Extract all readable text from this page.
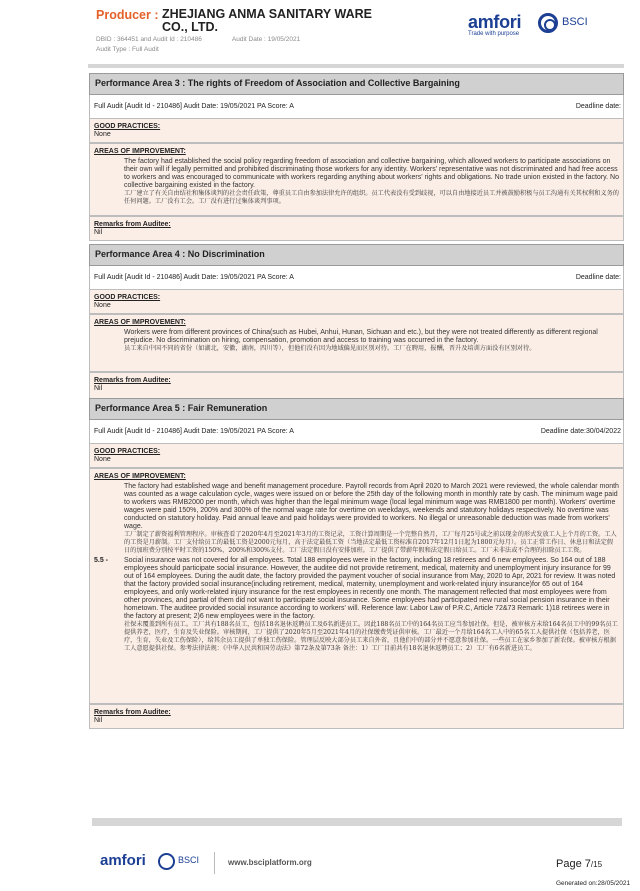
Producer : ZHEJIANG ANMA SANITARY WARE CO., LTD.
DBID : 364451 and Audit Id : 210486	Audit Date : 19/05/2021
Audit Type : Full Audit
amfori	BSCI
Trade with purpose
Performance Area 3 : The rights of Freedom of Association and Collective Bargaining
Full Audit [Audit Id - 210486] Audit Date: 19/05/2021 PA Score: A	Deadline date:
GOOD PRACTICES:
None
AREAS OF IMPROVEMENT:
The factory had established the social policy regarding freedom of association and collective bargaining, which allowed workers to participate associations on their own will if legally permitted and prohibited discriminating those workers for any identity. Workers' representative was not discriminated and had free access to workers and was encouraged to communicate with workers regarding anything about workers' rights and obligations. No trade union existed in the factory. No collective bargaining existed in the factory.
工厂建立了有关自由结社和集体谈判的社会责任政策，尊重员工自由参加法律允许的组织。员工代表没有受到歧视，可以自由地接近员工并被鼓励积极与员工沟通有关其权利和义务的任何问题。工厂没有工会。工厂没有进行过集体谈判事项。
Remarks from Auditee:
Nil
Performance Area 4 : No Discrimination
Full Audit [Audit Id - 210486] Audit Date: 19/05/2021 PA Score: A	Deadline date:
GOOD PRACTICES:
None
AREAS OF IMPROVEMENT:
Workers were from different provinces of China(such as Hubei, Anhui, Hunan, Sichuan and etc.), but they were not treated differently as different regional prejudice. No discrimination on hiring, compensation, promotion and access to training was occurred in the factory.
员工来自中国不同的省份（如湖北，安徽，湖南，四川等），但他们没有因为地域偏见而区别对待。工厂在聘用，报酬，晋升及培训方面没有区别对待。
Remarks from Auditee:
Nil
Performance Area 5 : Fair Remuneration
Full Audit [Audit Id - 210486] Audit Date: 19/05/2021 PA Score: A	Deadline date:30/04/2022
GOOD PRACTICES:
None
AREAS OF IMPROVEMENT:
The factory had established wage and benefit management procedure. Payroll records from April 2020 to March 2021 were reviewed, the whole calendar month was counted as a wage calculation cycle, wages were issued on or before the 25th day of the following month in monthly rate by cash. The minimum wage paid to workers was RMB2000 per month, which was higher than the legal minimum wage (local legal minimum wage was RMB1800 per month). Workers' overtime wages were paid 150%, 200% and 300% of the normal wage rate for overtime on weekdays, weekends and statutory holidays respectively. No overtime was conducted on statutory holiday. Paid annual leave and paid holidays were provided to workers. No illegal or unreasonable deduction was made from workers' wage.
工厂制定了薪资福利管理程序。审核查看了2020年4月至2021年3月的工资记录，工资计算周期是一个完整自然月，工厂每月25号或之前以现金的形式发放工人上个月的工资。工人的工资是月薪制。工厂支付给员工的最低工资是2000元每月，高于法定最低工资（当地法定最低工资标准自2017年12月1日起为1800元每月）。员工正常工作日、休息日和法定假日的加班费分别按平时工资的150%，200%和300%支付。工厂法定假日没有安排加班。工厂提供了带薪年假和法定假日给员工。工厂未非法或不合理的扣除员工工资。
5.5 - Social insurance was not covered for all employees. Total 188 employees were in the factory, including 18 retirees and 6 new employees. So 164 out of 188 employees should participate social insurance. However, the auditee did not provide retirement, medical, maternity and unemployment injury insurance for 99 out of 164 employees. During the audit date, the factory provided the payment voucher of social insurance from May, 2020 to Apr, 2021 for review. It was noted that the factory provided social insurance(including retirement, medical, maternity, unemployment and work-related injury insurance)for 65 out of 164 employees, and only work-related injury insurance for the rest employees in recently one month. The management reflected that most employees were from other provinces, and partial of them did not want to participate social insurance. Some employees had participated new rural social pension insurance in their hometown. The auditee provided social insurance according to workers' will. Reference law: Labor Law of P.R.C, Article 72&73 Remark: 1)18 retirees were in the factory at present; 2)6 new employees were in the factory.
社保未覆盖到所有员工。工厂共有188名员工，包括18名退休返聘员工及6名新进员工。因此188名员工中的164名员工应当参加社保。但是，被审核方未给164名员工中的99名员工提供养老，医疗，生育及失业保险。审核期间，工厂提供了2020年5月至2021年4月的社保缴费凭证供审核。工厂最近一个月给164名工人中的65名工人提供社保（包括养老，医疗，生育，失业及工伤保险），给其余员工提供了单独工伤保险。管理层反映大部分员工来自外省，且他们中的部分并不愿意参加社保。一些员工在家乡参加了新农保。被审核方根据工人意愿提供社保。参考法律法规：《中华人民共和国劳动法》第72条及第73条 备注：1）工厂目前共有18名退休返聘员工；2）工厂有6名新进员工。
Remarks from Auditee:
Nil
amfori	BSCI	www.bsciplatform.org	Page 7/15
Generated on:28/05/2021
